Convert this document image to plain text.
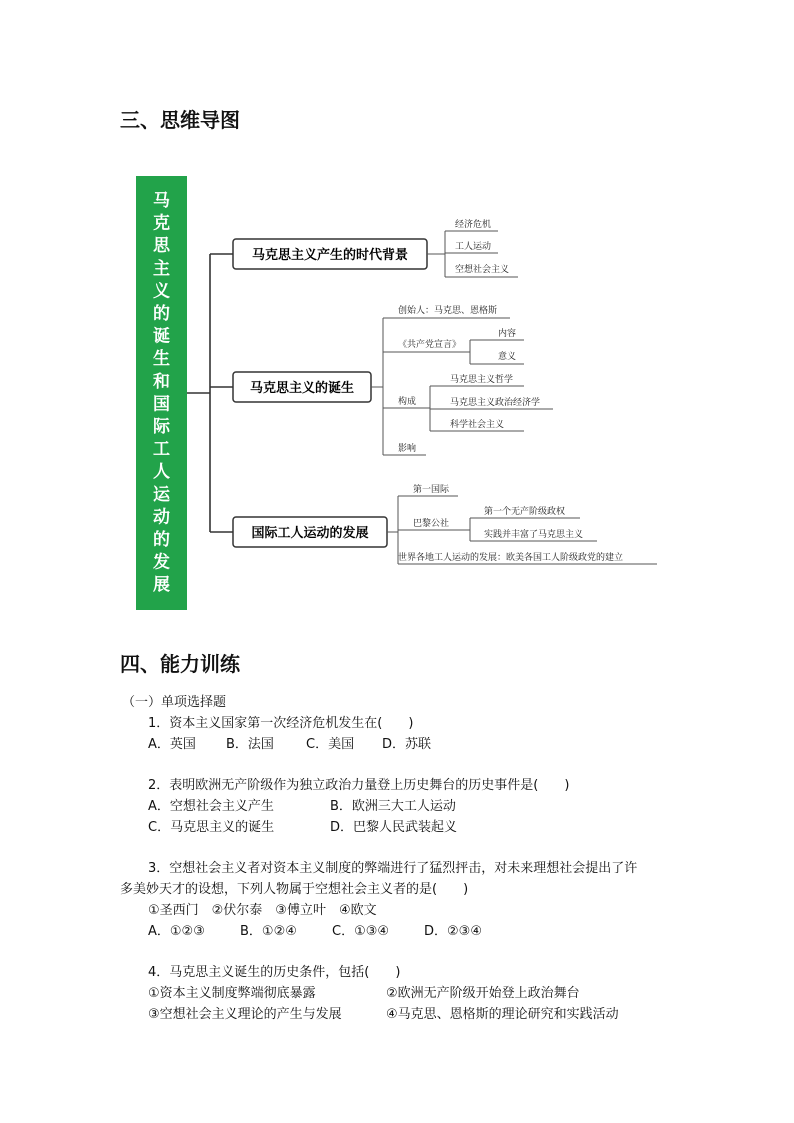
三、思维导图
马
克
思
主
义
的
诞
生
和
国
际
工
人
运
动
的
发
展
马克思主义产生的时代背景
马克思主义的诞生
国际工人运动的发展
经济危机
工人运动
空想社会主义
创始人：马克思、恩格斯
《共产党宣言》
内容
意义
构成
马克思主义哲学
马克思主义政治经济学
科学社会主义
影响
第一国际
巴黎公社
第一个无产阶级政权
实践并丰富了马克思主义
世界各地工人运动的发展：欧美各国工人阶级政党的建立
四、能力训练
（一）单项选择题
1．资本主义国家第一次经济危机发生在(　　)
A．英国 B．法国 C．美国 D．苏联
2．表明欧洲无产阶级作为独立政治力量登上历史舞台的历史事件是(　　)
A．空想社会主义产生	B．欧洲三大工人运动
C．马克思主义的诞生	D．巴黎人民武装起义
3．空想社会主义者对资本主义制度的弊端进行了猛烈抨击，对未来理想社会提出了许
多美妙天才的设想，下列人物属于空想社会主义者的是(　　)
①圣西门　②伏尔泰　③傅立叶　④欧文
A．①②③	B．①②④	C．①③④	D．②③④
4．马克思主义诞生的历史条件，包括(　　)
①资本主义制度弊端彻底暴露	②欧洲无产阶级开始登上政治舞台
③空想社会主义理论的产生与发展	④马克思、恩格斯的理论研究和实践活动
